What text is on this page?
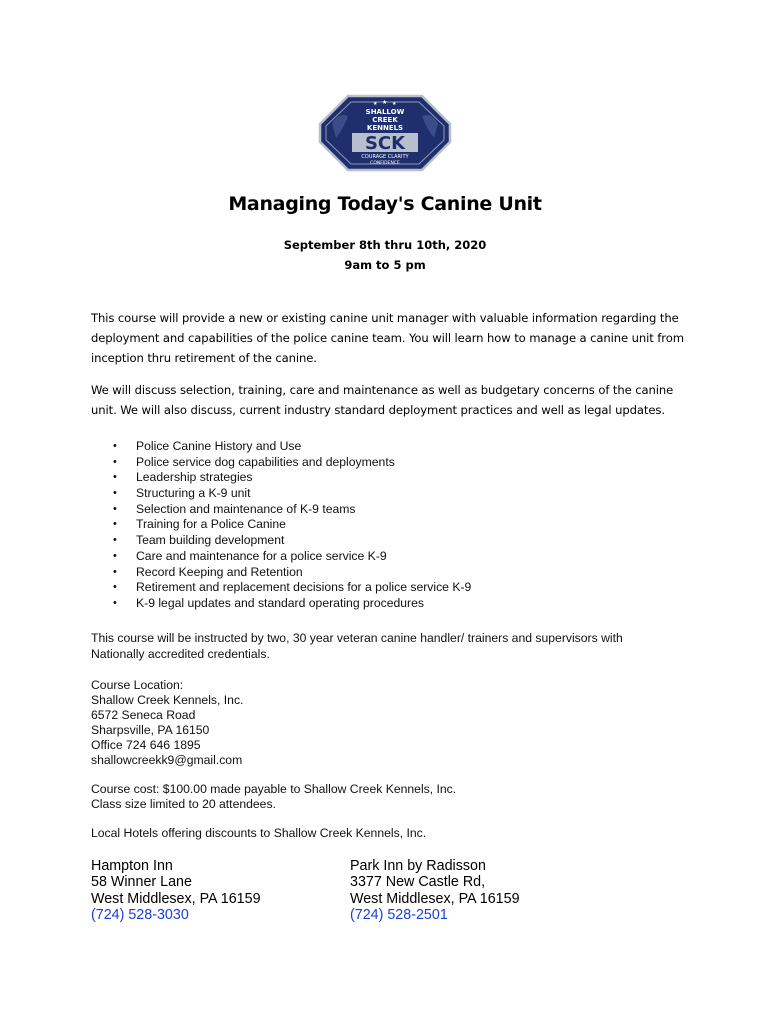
★ ★ ★
SHALLOW
CREEK
KENNELS
SCK
COURAGE CLARITY
CONFIDENCE
Managing Today's Canine Unit
September 8th thru 10th, 2020
9am to 5 pm
This course will provide a new or existing canine unit manager with valuable information regarding the deployment and capabilities of the police canine team. You will learn how to manage a canine unit from inception thru retirement of the canine.
We will discuss selection, training, care and maintenance as well as budgetary concerns of the canine unit. We will also discuss, current industry standard deployment practices and well as legal updates.
• Police Canine History and Use
• Police service dog capabilities and deployments
• Leadership strategies
• Structuring a K-9 unit
• Selection and maintenance of K-9 teams
• Training for a Police Canine
• Team building development
• Care and maintenance for a police service K-9
• Record Keeping and Retention
• Retirement and replacement decisions for a police service K-9
• K-9 legal updates and standard operating procedures
This course will be instructed by two, 30 year veteran canine handler/ trainers and supervisors with Nationally accredited credentials.
Course Location:
Shallow Creek Kennels, Inc.
6572 Seneca Road
Sharpsville, PA 16150
Office 724 646 1895
shallowcreekk9@gmail.com
Course cost: $100.00 made payable to Shallow Creek Kennels, Inc.
Class size limited to 20 attendees.
Local Hotels offering discounts to Shallow Creek Kennels, Inc.
Hampton Inn
58 Winner Lane
West Middlesex, PA 16159
(724) 528-3030
Park Inn by Radisson
3377 New Castle Rd,
West Middlesex, PA 16159
(724) 528-2501
